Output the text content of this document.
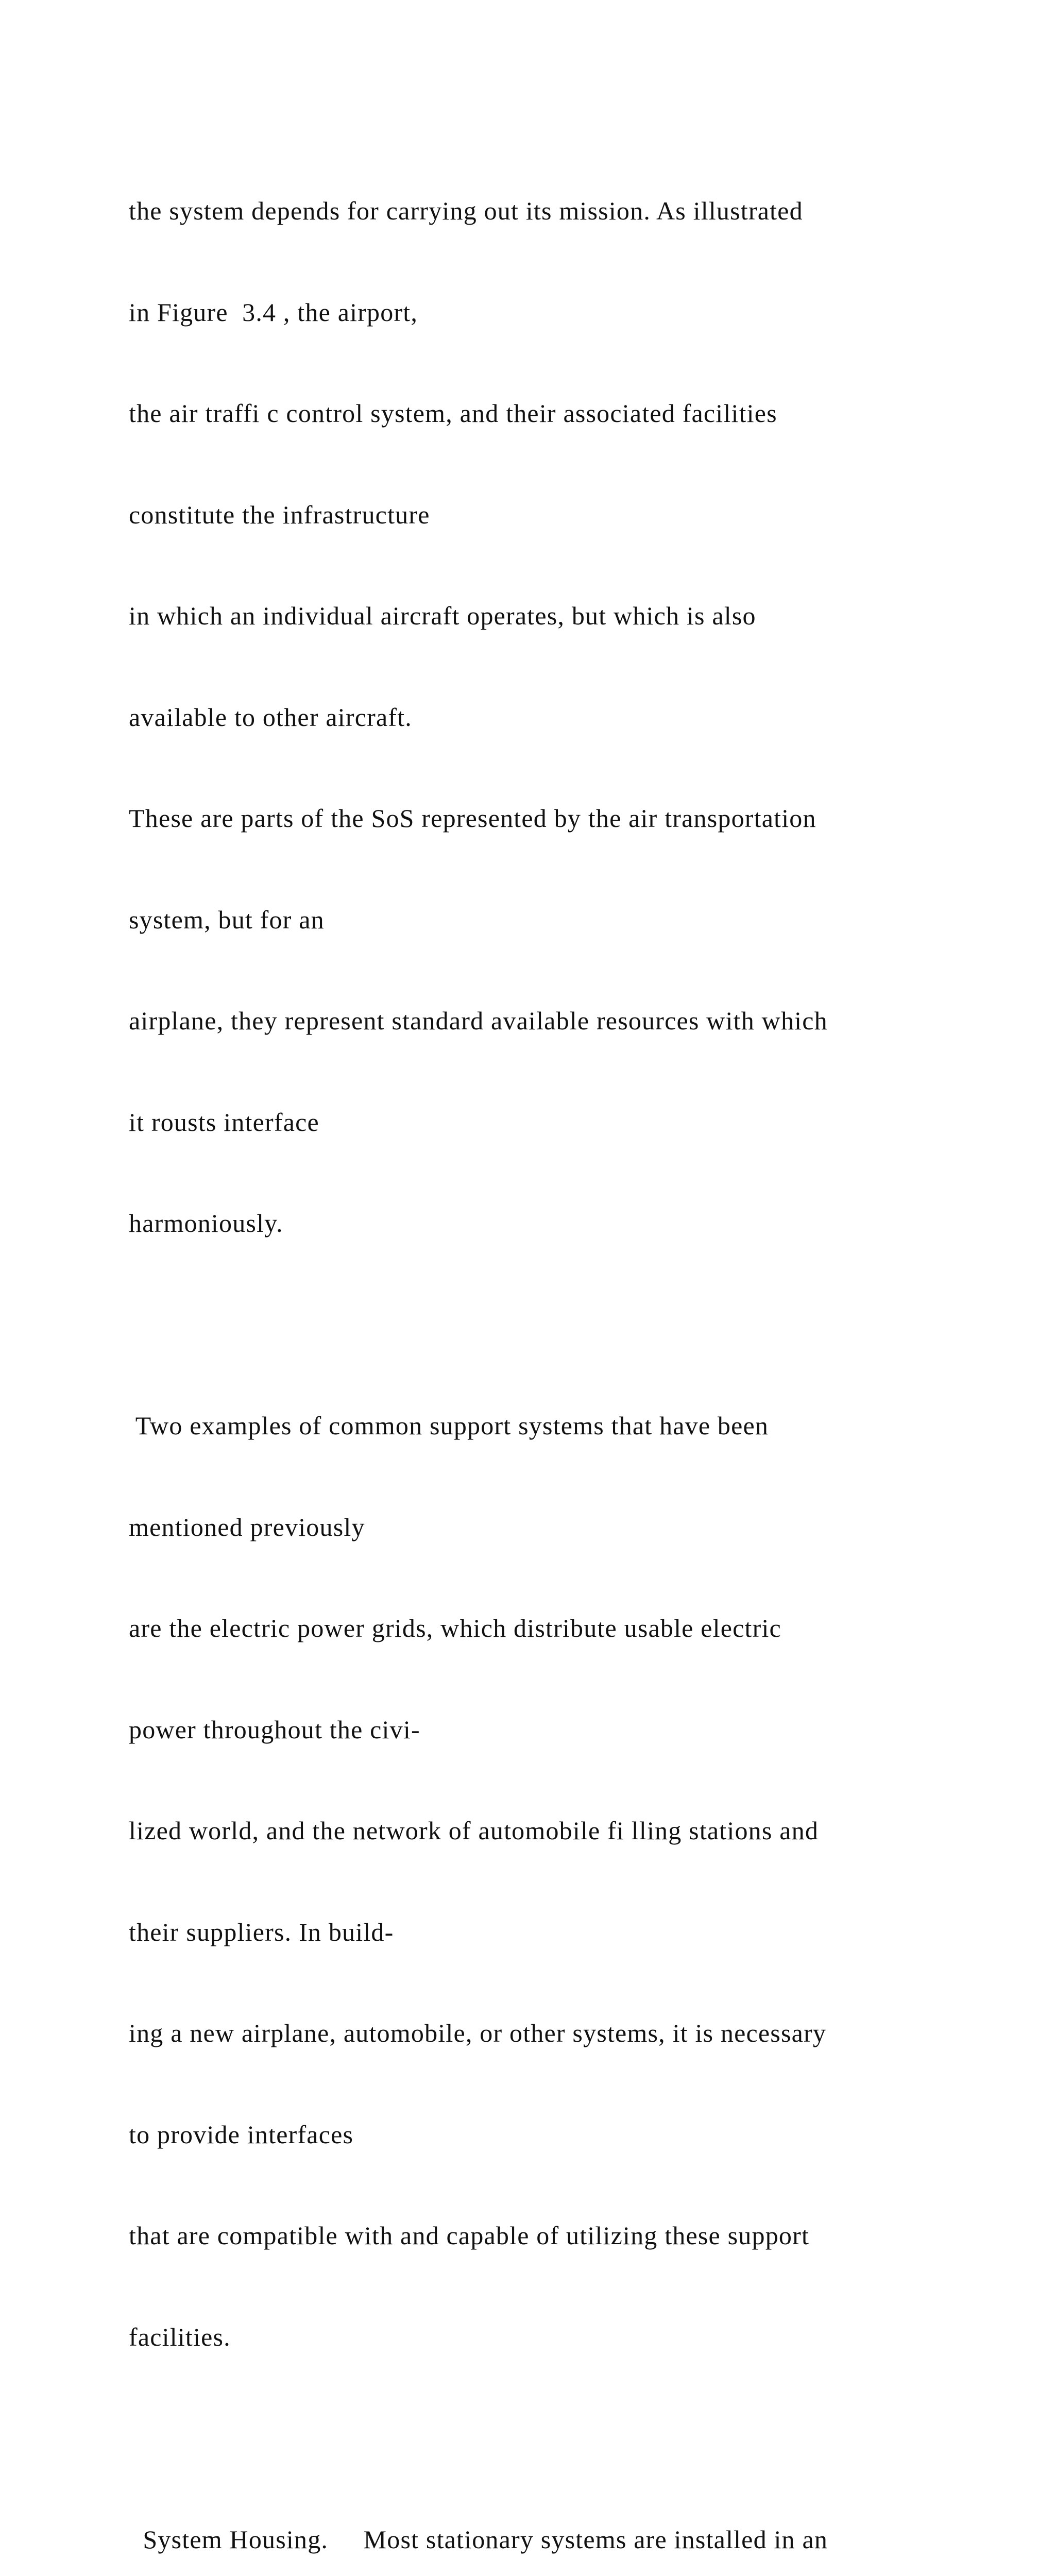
the system depends for carrying out its mission. As illustrated

in Figure  3.4 , the airport,

the air traffi c control system, and their associated facilities

constitute the infrastructure

in which an individual aircraft operates, but which is also

available to other aircraft.

These are parts of the SoS represented by the air transportation

system, but for an

airplane, they represent standard available resources with which

it rousts interface

harmoniously.

Two examples of common support systems that have been

mentioned previously

are the electric power grids, which distribute usable electric

power throughout the civi-

lized world, and the network of automobile fi lling stations and

their suppliers. In build-

ing a new airplane, automobile, or other systems, it is necessary

to provide interfaces

that are compatible with and capable of utilizing these support

facilities.

System Housing.     Most stationary systems are installed in an
